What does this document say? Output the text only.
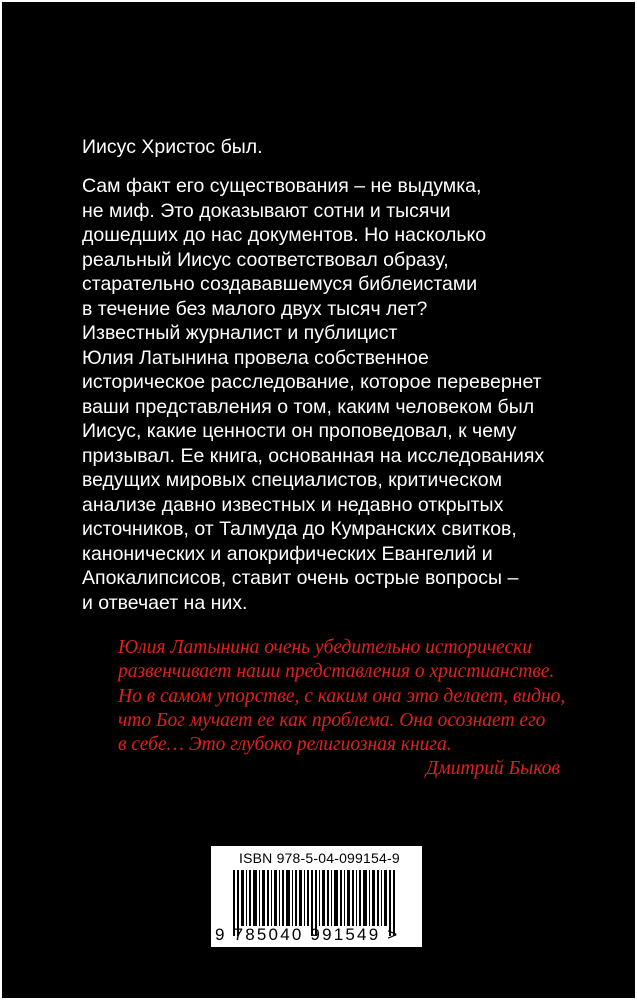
Иисус Христос был.

Сам факт его существования – не выдумка,
не миф. Это доказывают сотни и тысячи
дошедших до нас документов. Но насколько
реальный Иисус соответствовал образу,
старательно создававшемуся библеистами
в течение без малого двух тысяч лет?

Известный журналист и публицист
Юлия Латынина провела собственное
историческое расследование, которое перевернет
ваши представления о том, каким человеком был
Иисус, какие ценности он проповедовал, к чему
призывал. Ее книга, основанная на исследованиях
ведущих мировых специалистов, критическом
анализе давно известных и недавно открытых
источников, от Талмуда до Кумранских свитков,
канонических и апокрифических Евангелий и
Апокалипсисов, ставит очень острые вопросы –
и отвечает на них.

Юлия Латынина очень убедительно исторически
развенчивает наши представления о христианстве.
Но в самом упорстве, с каким она это делает, видно,
что Бог мучает ее как проблема. Она осознает его
в себе… Это глубоко религиозная книга.
Дмитрий Быков
ISBN 978-5-04-099154-9
9 785040 991549 >
